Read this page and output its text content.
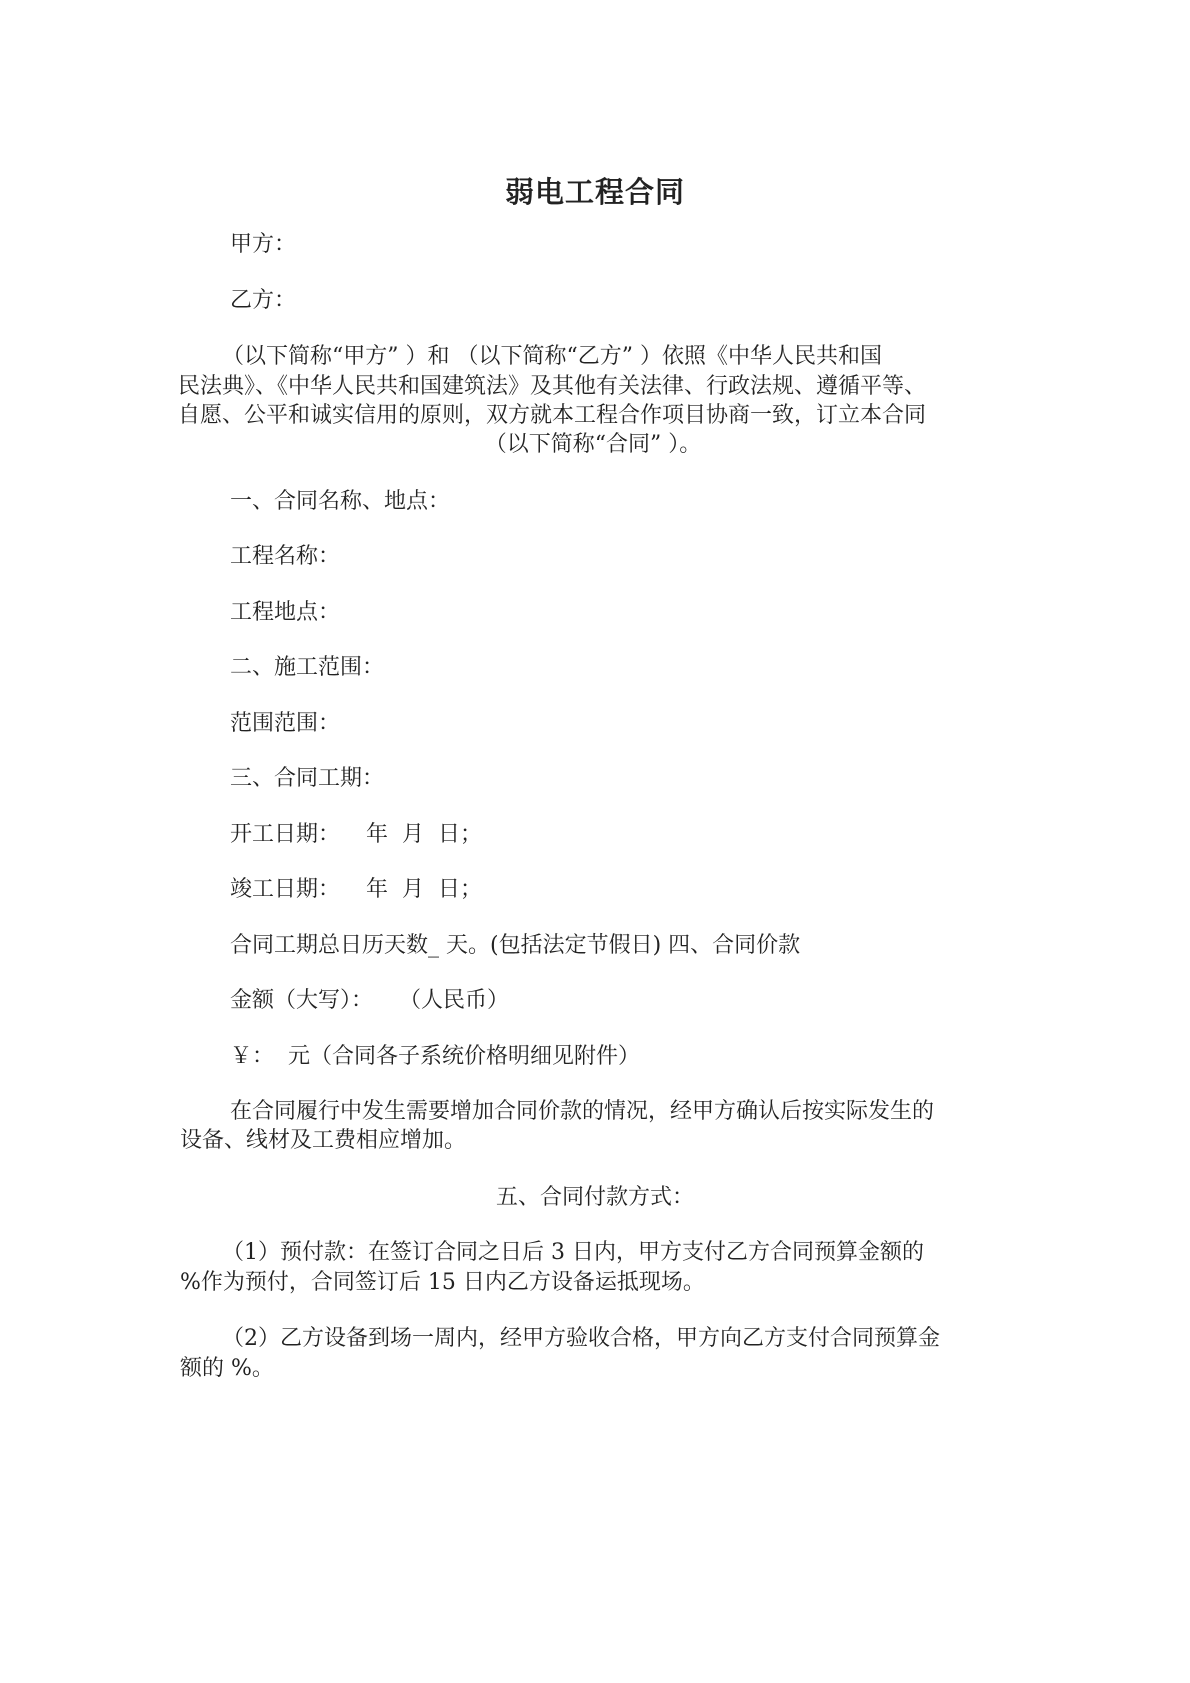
弱电工程合同

甲方：

乙方：

（以下简称“甲方” ）和 （以下简称“乙方” ）依照《中华人民共和国

民法典》、《中华人民共和国建筑法》及其他有关法律、行政法规、遵循平等、

自愿、公平和诚实信用的原则，双方就本工程合作项目协商一致，订立本合同

（以下简称“合同” ）。

一、合同名称、地点：

工程名称：

工程地点：

二、施工范围：

范围范围：

三、合同工期：

开工日期： 年 月 日；

竣工日期： 年 月 日；

合同工期总日历天数_ 天。(包括法定节假日) 四、合同价款

金额（大写）： （人民币）

￥： 元（合同各子系统价格明细见附件）

在合同履行中发生需要增加合同价款的情况，经甲方确认后按实际发生的

设备、线材及工费相应增加。

五、合同付款方式：

（1）预付款：在签订合同之日后 3 日内，甲方支付乙方合同预算金额的

%作为预付，合同签订后 15 日内乙方设备运抵现场。

（2）乙方设备到场一周内，经甲方验收合格，甲方向乙方支付合同预算金

额的 %。
